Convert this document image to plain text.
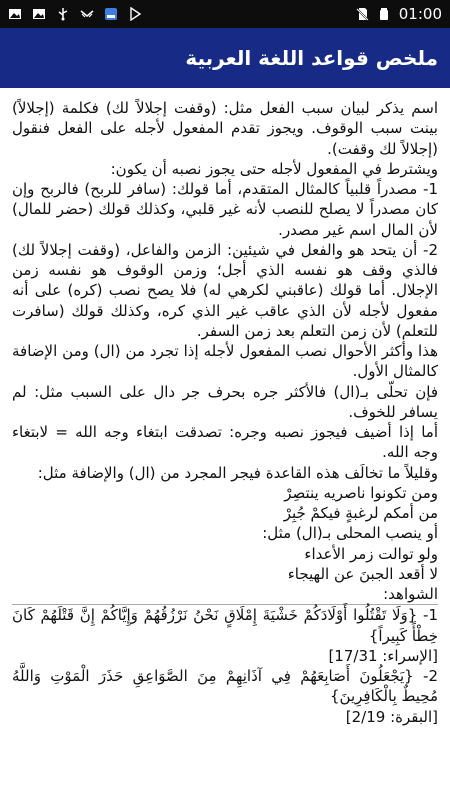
01:00
ملخص قواعد اللغة العربية

اسم يذكر لبيان سبب الفعل مثل: (وقفت إجلالاً لك) فكلمة (إجلالاً) بينت سبب الوقوف. ويجوز تقدم المفعول لأجله على الفعل فنقول (إجلالاً لك وقفت).

ويشترط في المفعول لأجله حتى يجوز نصبه أن يكون:

1- مصدراً قلبياً كالمثال المتقدم، أما قولك: (سافر للربح) فالربح وإن كان مصدراً لا يصلح للنصب لأنه غير قلبي، وكذلك قولك (حضر للمال) لأن المال اسم غير مصدر.

2- أن يتحد هو والفعل في شيئين: الزمن والفاعل، (وقفت إجلالاً لك) فالذي وقف هو نفسه الذي أجل؛ وزمن الوقوف هو نفسه زمن الإجلال. أما قولك (عاقبني لكرهي له) فلا يصح نصب (كره) على أنه مفعول لأجله لأن الذي عاقب غير الذي كره، وكذلك قولك (سافرت للتعلم) لأن زمن التعلم بعد زمن السفر.

هذا وأكثر الأحوال نصب المفعول لأجله إذا تجرد من (ال) ومن الإضافة كالمثال الأول.

فإن تحلّى بـ(ال) فالأكثر جره بحرف جر دال على السبب مثل: لم يسافر للخوف.

أما إذا أضيف فيجوز نصبه وجره: تصدقت ابتغاء وجه الله = لابتغاء وجه الله.

وقليلاً ما تخالَف هذه القاعدة فيجر المجرد من (ال) والإضافة مثل:

ومن تكونوا ناصريه ينتصِرْ

من أمكم لرغبةٍ فيكمْ جُبِرْ

أو ينصب المحلى بـ(ال) مثل:

ولو توالت زمر الأعداء

لا أقعد الجبنَ عن الهيجاء

الشواهد:

1- {وَلَا تَقْتُلُوا أَوْلَادَكُمْ خَشْيَةَ إِمْلَاقٍ نَحْنُ نَرْزُقُهُمْ وَإِيَّاكُمْ إِنَّ قَتْلَهُمْ كَانَ خِطْأً كَبِيراً}

[الإسراء: 17/31]

2- {يَجْعَلُونَ أَصَابِعَهُمْ فِي آذَانِهِمْ مِنَ الصَّوَاعِقِ حَذَرَ الْمَوْتِ وَاللَّهُ مُحِيطٌ بِالْكَافِرِينَ}

[البقرة: 2/19]
